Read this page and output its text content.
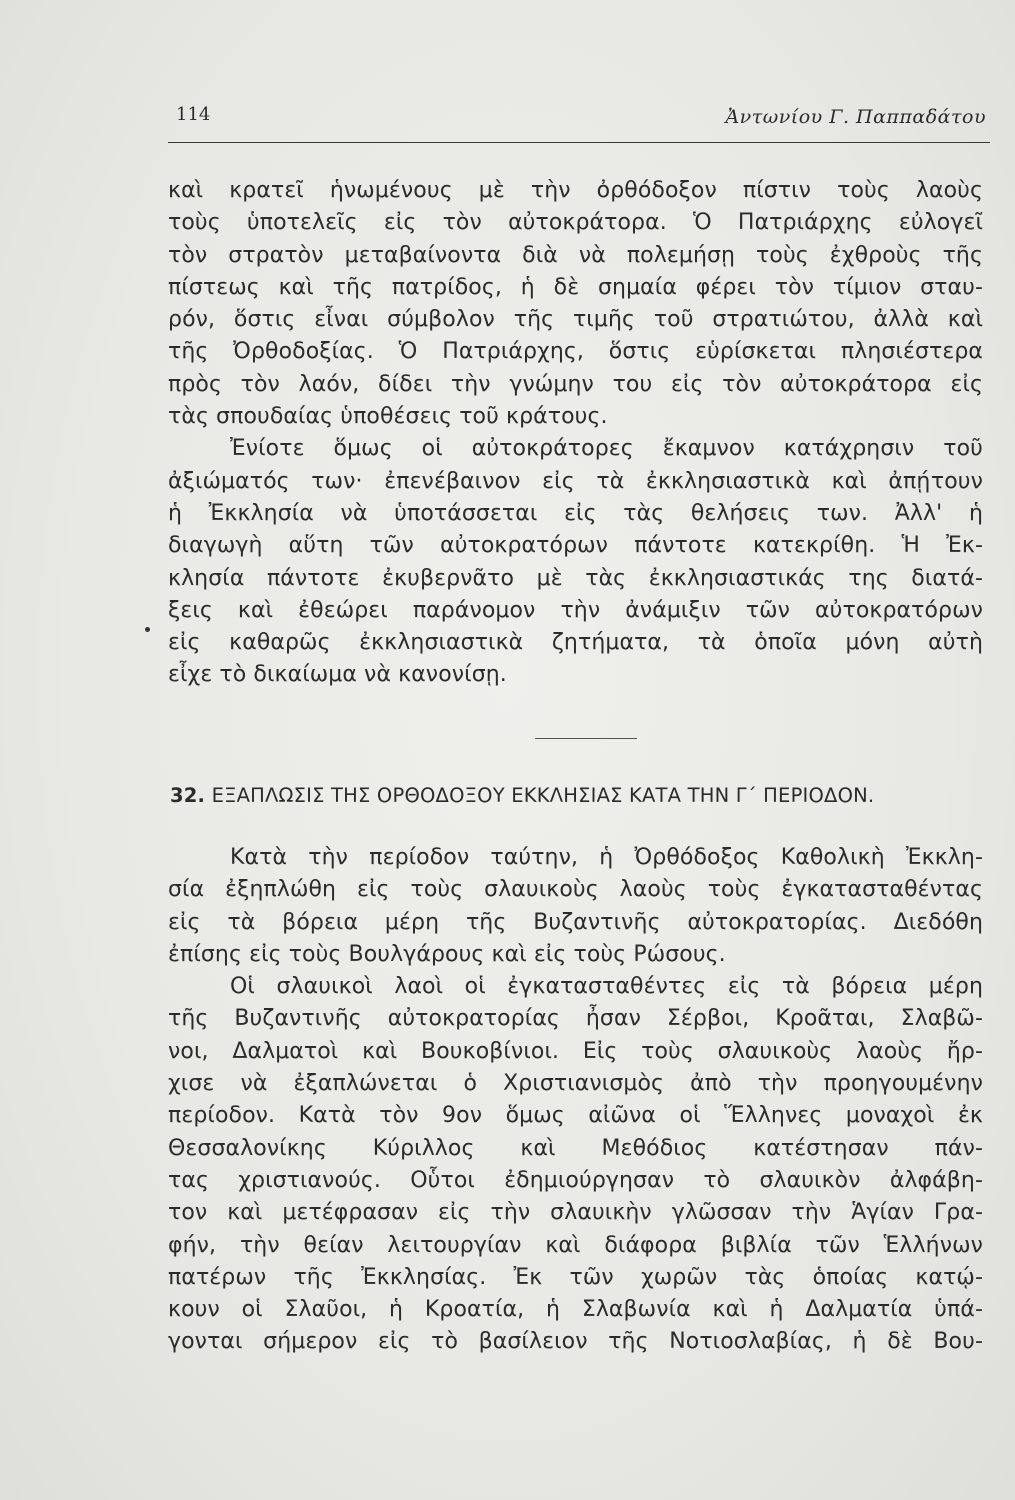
114	Ἀντωνίου Γ. Παππαδάτου
καὶ κρατεῖ ἡνωμένους μὲ τὴν ὀρθόδοξον πίστιν τοὺς λαοὺς
τοὺς ὑποτελεῖς εἰς τὸν αὐτοκράτορα. Ὁ Πατριάρχης εὐλογεῖ
τὸν στρατὸν μεταβαίνοντα διὰ νὰ πολεμήσῃ τοὺς ἐχθροὺς τῆς
πίστεως καὶ τῆς πατρίδος, ἡ δὲ σημαία φέρει τὸν τίμιον σταυ-
ρόν, ὅστις εἶναι σύμβολον τῆς τιμῆς τοῦ στρατιώτου, ἀλλὰ καὶ
τῆς Ὀρθοδοξίας. Ὁ Πατριάρχης, ὅστις εὑρίσκεται πλησιέστερα
πρὸς τὸν λαόν, δίδει τὴν γνώμην του εἰς τὸν αὐτοκράτορα εἰς
τὰς σπουδαίας ὑποθέσεις τοῦ κράτους.
Ἐνίοτε ὅμως οἱ αὐτοκράτορες ἔκαμνον κατάχρησιν τοῦ
ἀξιώματός των· ἐπενέβαινον εἰς τὰ ἐκκλησιαστικὰ καὶ ἀπῄτουν
ἡ Ἐκκλησία νὰ ὑποτάσσεται εἰς τὰς θελήσεις των. Ἀλλ' ἡ
διαγωγὴ αὕτη τῶν αὐτοκρατόρων πάντοτε κατεκρίθη. Ἡ Ἐκ-
κλησία πάντοτε ἐκυβερνᾶτο μὲ τὰς ἐκκλησιαστικάς της διατά-
ξεις καὶ ἐθεώρει παράνομον τὴν ἀνάμιξιν τῶν αὐτοκρατόρων
εἰς καθαρῶς ἐκκλησιαστικὰ ζητήματα, τὰ ὁποῖα μόνη αὐτὴ
εἶχε τὸ δικαίωμα νὰ κανονίσῃ.
32. ΕΞΑΠΛΩΣΙΣ ΤΗΣ ΟΡΘΟΔΟΞΟΥ ΕΚΚΛΗΣΙΑΣ ΚΑΤΑ ΤΗΝ Γ΄ ΠΕΡΙΟΔΟΝ.
Κατὰ τὴν περίοδον ταύτην, ἡ Ὀρθόδοξος Καθολικὴ Ἐκκλη-
σία ἐξηπλώθη εἰς τοὺς σλαυικοὺς λαοὺς τοὺς ἐγκατασταθέντας
εἰς τὰ βόρεια μέρη τῆς Βυζαντινῆς αὐτοκρατορίας. Διεδόθη
ἐπίσης εἰς τοὺς Βουλγάρους καὶ εἰς τοὺς Ρώσους.
Οἱ σλαυικοὶ λαοὶ οἱ ἐγκατασταθέντες εἰς τὰ βόρεια μέρη
τῆς Βυζαντινῆς αὐτοκρατορίας ἦσαν Σέρβοι, Κροᾶται, Σλαβῶ-
νοι, Δαλματοὶ καὶ Βουκοβίνιοι. Εἰς τοὺς σλαυικοὺς λαοὺς ἤρ-
χισε νὰ ἐξαπλώνεται ὁ Χριστιανισμὸς ἀπὸ τὴν προηγουμένην
περίοδον. Κατὰ τὸν 9ον ὅμως αἰῶνα οἱ Ἕλληνες μοναχοὶ ἐκ
Θεσσαλονίκης Κύριλλος καὶ Μεθόδιος κατέστησαν πάν-
τας χριστιανούς. Οὗτοι ἐδημιούργησαν τὸ σλαυικὸν ἀλφάβη-
τον καὶ μετέφρασαν εἰς τὴν σλαυικὴν γλῶσσαν τὴν Ἁγίαν Γρα-
φήν, τὴν θείαν λειτουργίαν καὶ διάφορα βιβλία τῶν Ἑλλήνων
πατέρων τῆς Ἐκκλησίας. Ἐκ τῶν χωρῶν τὰς ὁποίας κατῴ-
κουν οἱ Σλαῦοι, ἡ Κροατία, ἡ Σλαβωνία καὶ ἡ Δαλματία ὑπά-
γονται σήμερον εἰς τὸ βασίλειον τῆς Νοτιοσλαβίας, ἡ δὲ Βου-
